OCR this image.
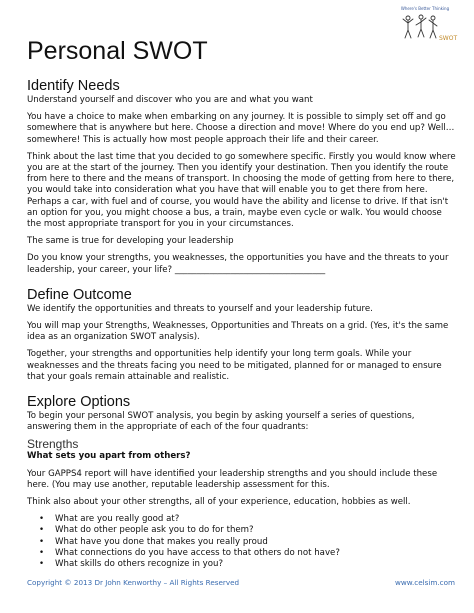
Where's Better Thinking
SWOT
Personal SWOT
Identify Needs

Understand yourself and discover who you are and what you want

You have a choice to make when embarking on any journey. It is possible to simply set off and go somewhere that is anywhere but here. Choose a direction and move! Where do you end up? Well…somewhere! This is actually how most people approach their life and their career.

Think about the last time that you decided to go somewhere specific. Firstly you would know where you are at the start of the journey. Then you identify your destination. Then you identify the route from here to there and the means of transport. In choosing the mode of getting from here to there, you would take into consideration what you have that will enable you to get there from here. Perhaps a car, with fuel and of course, you would have the ability and license to drive. If that isn't an option for you, you might choose a bus, a train, maybe even cycle or walk. You would choose the most appropriate transport for you in your circumstances.

The same is true for developing your leadership

Do you know your strengths, you weaknesses, the opportunities you have and the threats to your leadership, your career, your life? ___________________________________

Define Outcome

We identify the opportunities and threats to yourself and your leadership future.

You will map your Strengths, Weaknesses, Opportunities and Threats on a grid. (Yes, it's the same idea as an organization SWOT analysis).

Together, your strengths and opportunities help identify your long term goals. While your weaknesses and the threats facing you need to be mitigated, planned for or managed to ensure that your goals remain attainable and realistic.

Explore Options

To begin your personal SWOT analysis, you begin by asking yourself a series of questions, answering them in the appropriate of each of the four quadrants:

Strengths

What sets you apart from others?

Your GAPPS4 report will have identified your leadership strengths and you should include these here. (You may use another, reputable leadership assessment for this.

Think also about your other strengths, all of your experience, education, hobbies as well.

• What are you really good at?
• What do other people ask you to do for them?
• What have you done that makes you really proud
• What connections do you have access to that others do not have?
• What skills do others recognize in you?
Copyright © 2013 Dr John Kenworthy – All Rights Reserved	www.celsim.com
